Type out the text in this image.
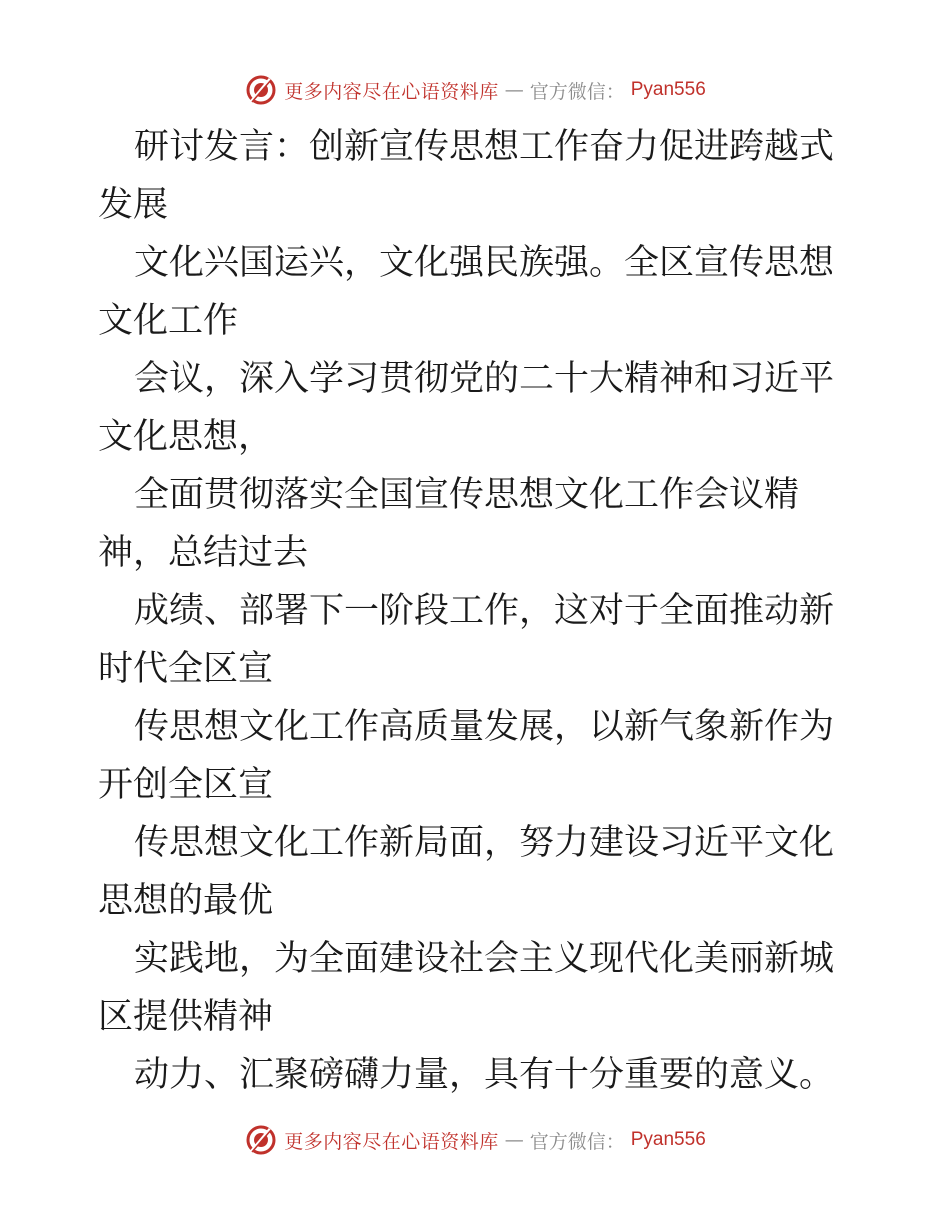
更多内容尽在心语资料库 — 官方微信： Pyan556

研讨发言：创新宣传思想工作奋力促进跨越式发展

文化兴国运兴，文化强民族强。全区宣传思想文化工作

会议，深入学习贯彻党的二十大精神和习近平文化思想，

全面贯彻落实全国宣传思想文化工作会议精神，总结过去

成绩、部署下一阶段工作，这对于全面推动新时代全区宣

传思想文化工作高质量发展，以新气象新作为开创全区宣

传思想文化工作新局面，努力建设习近平文化思想的最优

实践地，为全面建设社会主义现代化美丽新城区提供精神

动力、汇聚磅礴力量，具有十分重要的意义。

更多内容尽在心语资料库 — 官方微信： Pyan556
